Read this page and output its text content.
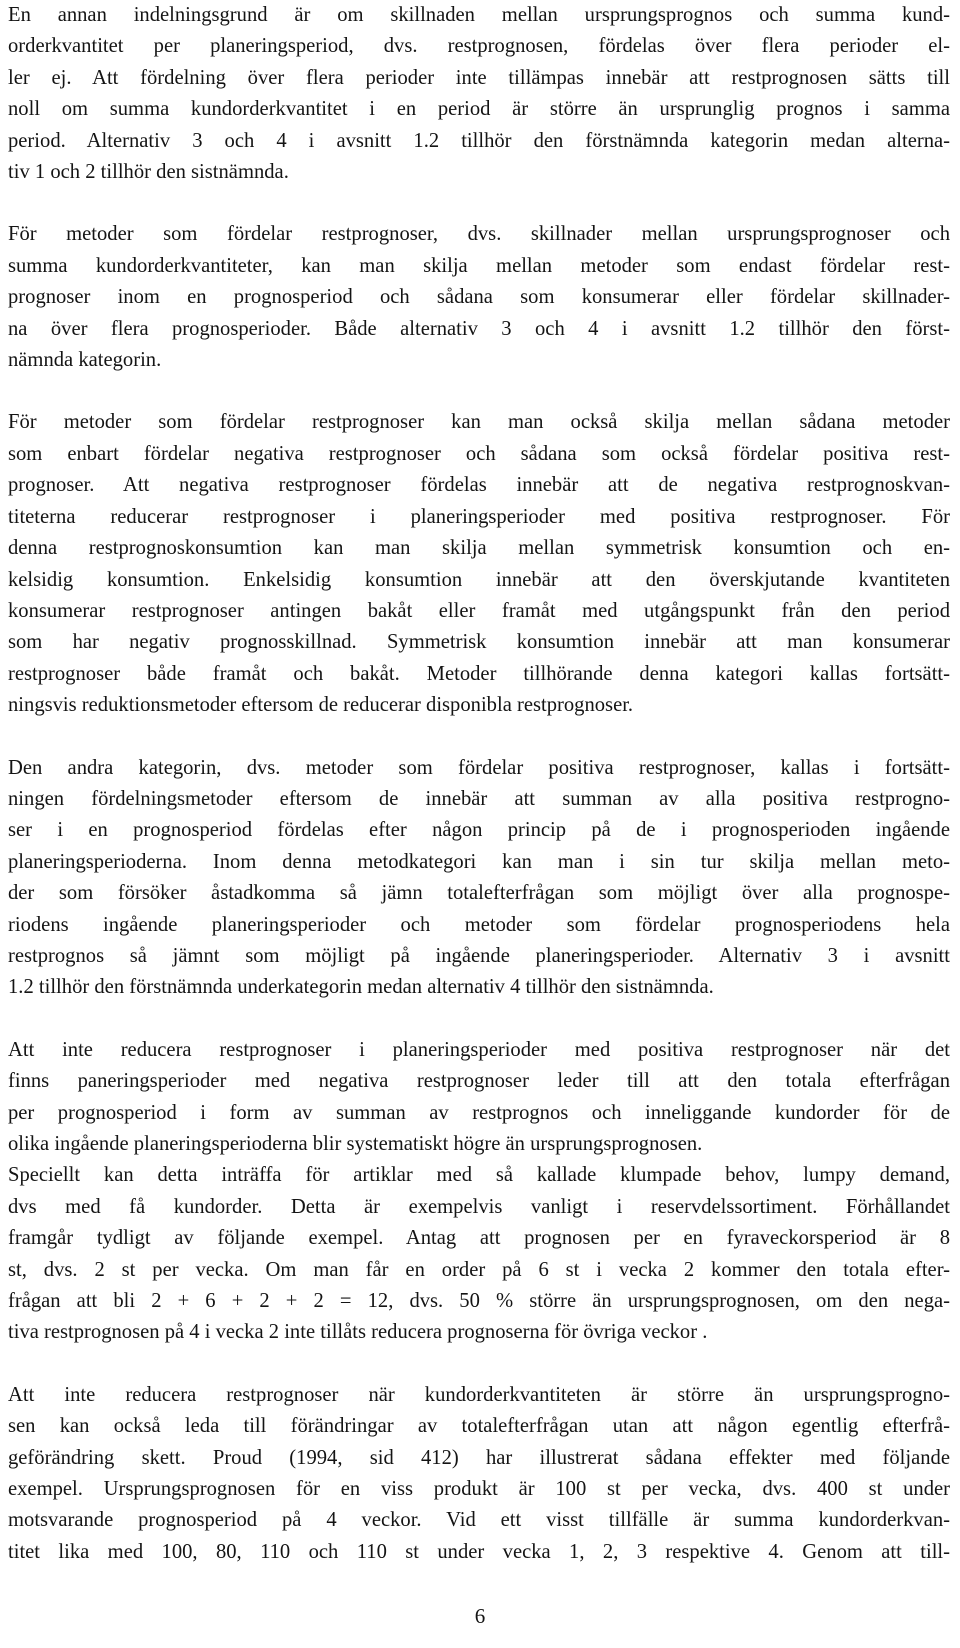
En annan indelningsgrund är om skillnaden mellan ursprungsprognos och summa kund-
orderkvantitet per planeringsperiod, dvs. restprognosen, fördelas över flera perioder el-
ler ej. Att fördelning över flera perioder inte tillämpas innebär att restprognosen sätts till
noll om summa kundorderkvantitet i en period är större än ursprunglig prognos i samma
period. Alternativ 3 och 4 i avsnitt 1.2 tillhör den förstnämnda kategorin medan alterna-
tiv 1 och 2 tillhör den sistnämnda.

För metoder som fördelar restprognoser, dvs. skillnader mellan ursprungsprognoser och
summa kundorderkvantiteter, kan man skilja mellan metoder som endast fördelar rest-
prognoser inom en prognosperiod och sådana som konsumerar eller fördelar skillnader-
na över flera prognosperioder. Både alternativ 3 och 4 i avsnitt 1.2 tillhör den först-
nämnda kategorin.

För metoder som fördelar restprognoser kan man också skilja mellan sådana metoder
som enbart fördelar negativa restprognoser och sådana som också fördelar positiva rest-
prognoser. Att negativa restprognoser fördelas innebär att de negativa restprognoskvan-
titeterna reducerar restprognoser i planeringsperioder med positiva restprognoser. För
denna restprognoskonsumtion kan man skilja mellan symmetrisk konsumtion och en-
kelsidig konsumtion. Enkelsidig konsumtion innebär att den överskjutande kvantiteten
konsumerar restprognoser antingen bakåt eller framåt med utgångspunkt från den period
som har negativ prognosskillnad. Symmetrisk konsumtion innebär att man konsumerar
restprognoser både framåt och bakåt. Metoder tillhörande denna kategori kallas fortsätt-
ningsvis reduktionsmetoder eftersom de reducerar disponibla restprognoser.

Den andra kategorin, dvs. metoder som fördelar positiva restprognoser, kallas i fortsätt-
ningen fördelningsmetoder eftersom de innebär att summan av alla positiva restprogno-
ser i en prognosperiod fördelas efter någon princip på de i prognosperioden ingående
planeringsperioderna. Inom denna metodkategori kan man i sin tur skilja mellan meto-
der som försöker åstadkomma så jämn totalefterfrågan som möjligt över alla prognospe-
riodens ingående planeringsperioder och metoder som fördelar prognosperiodens hela
restprognos så jämnt som möjligt på ingående planeringsperioder. Alternativ 3 i avsnitt
1.2 tillhör den förstnämnda underkategorin medan alternativ 4 tillhör den sistnämnda.

Att inte reducera restprognoser i planeringsperioder med positiva restprognoser när det
finns paneringsperioder med negativa restprognoser leder till att den totala efterfrågan
per prognosperiod i form av summan av restprognos och inneliggande kundorder för de
olika ingående planeringsperioderna blir systematiskt högre än ursprungsprognosen.
Speciellt kan detta inträffa för artiklar med så kallade klumpade behov, lumpy demand,
dvs med få kundorder. Detta är exempelvis vanligt i reservdelssortiment. Förhållandet
framgår tydligt av följande exempel. Antag att prognosen per en fyraveckorsperiod är 8
st, dvs. 2 st per vecka. Om man får en order på 6 st i vecka 2 kommer den totala efter-
frågan att bli 2 + 6 + 2 + 2 = 12, dvs. 50 % större än ursprungsprognosen, om den nega-
tiva restprognosen på 4 i vecka 2 inte tillåts reducera prognoserna för övriga veckor .

Att inte reducera restprognoser när kundorderkvantiteten är större än ursprungsprogno-
sen kan också leda till förändringar av totalefterfrågan utan att någon egentlig efterfrå-
geförändring skett. Proud (1994, sid 412) har illustrerat sådana effekter med följande
exempel. Ursprungsprognosen för en viss produkt är 100 st per vecka, dvs. 400 st under
motsvarande prognosperiod på 4 veckor. Vid ett visst tillfälle är summa kundorderkvan-
titet lika med 100, 80, 110 och 110 st under vecka 1, 2, 3 respektive 4. Genom att till-

6
